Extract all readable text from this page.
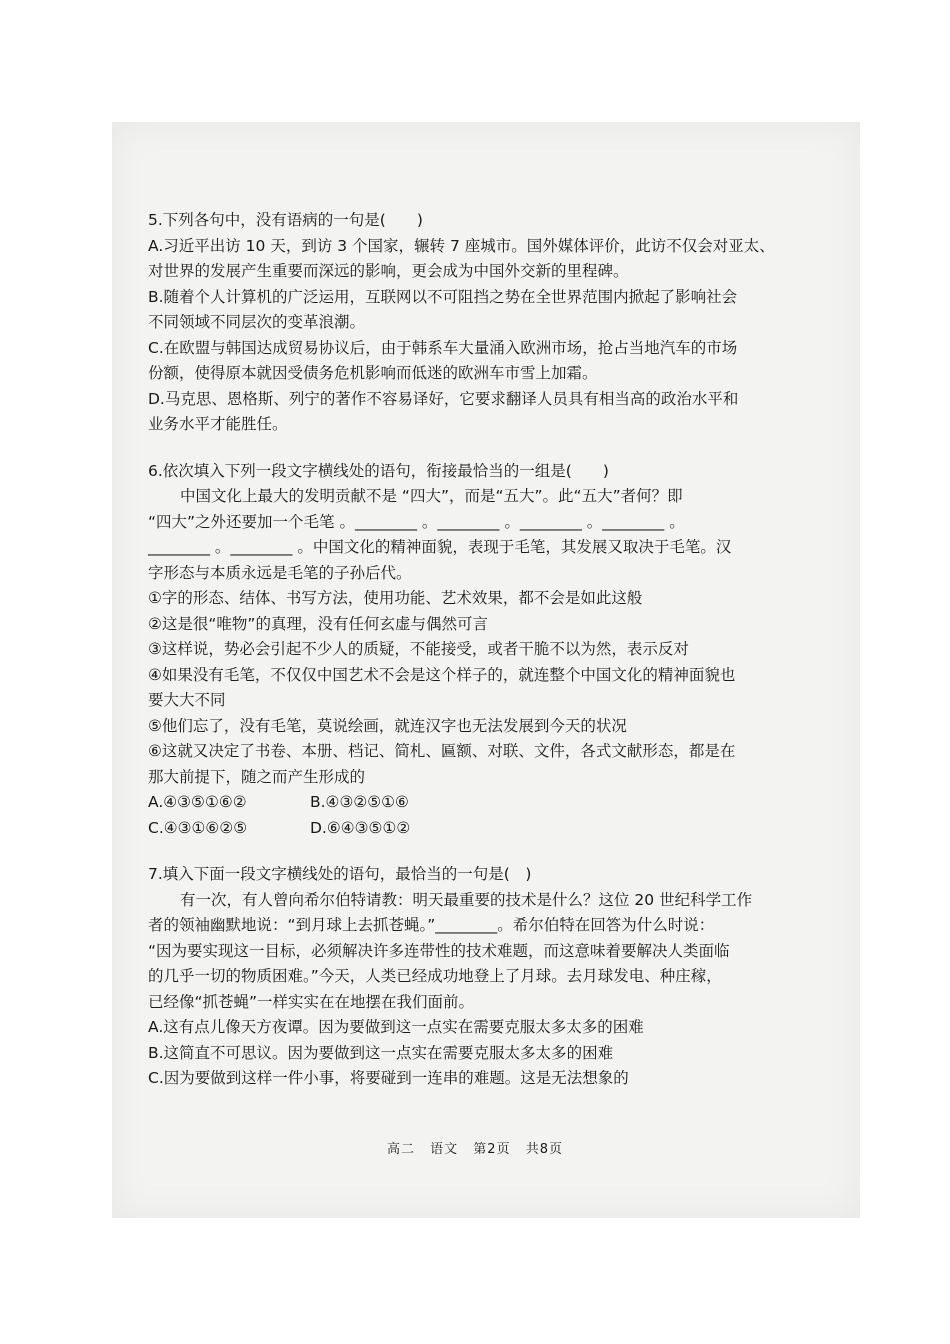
5.下列各句中，没有语病的一句是(　　)
A.习近平出访 10 天，到访 3 个国家，辗转 7 座城市。国外媒体评价，此访不仅会对亚太、
对世界的发展产生重要而深远的影响，更会成为中国外交新的里程碑。
B.随着个人计算机的广泛运用，互联网以不可阻挡之势在全世界范围内掀起了影响社会
不同领域不同层次的变革浪潮。
C.在欧盟与韩国达成贸易协议后，由于韩系车大量涌入欧洲市场，抢占当地汽车的市场
份额，使得原本就因受债务危机影响而低迷的欧洲车市雪上加霜。
D.马克思、恩格斯、列宁的著作不容易译好，它要求翻译人员具有相当高的政治水平和
业务水平才能胜任。
6.依次填入下列一段文字横线处的语句，衔接最恰当的一组是(　　)
中国文化上最大的发明贡献不是 “四大”，而是“五大”。此“五大”者何？即
“四大”之外还要加一个毛笔 。________ 。________ 。________ 。________ 。
________ 。________ 。中国文化的精神面貌，表现于毛笔，其发展又取决于毛笔。汉
字形态与本质永远是毛笔的子孙后代。
①字的形态、结体、书写方法，使用功能、艺术效果，都不会是如此这般
②这是很“唯物”的真理，没有任何玄虚与偶然可言
③这样说，势必会引起不少人的质疑，不能接受，或者干脆不以为然，表示反对
④如果没有毛笔，不仅仅中国艺术不会是这个样子的，就连整个中国文化的精神面貌也
要大大不同
⑤他们忘了，没有毛笔，莫说绘画，就连汉字也无法发展到今天的状况
⑥这就又决定了书卷、本册、档记、简札、匾额、对联、文件，各式文献形态，都是在
那大前提下，随之而产生形成的
A.④③⑤①⑥②	B.④③②⑤①⑥
C.④③①⑥②⑤	D.⑥④③⑤①②
7.填入下面一段文字横线处的语句，最恰当的一句是(　)
有一次，有人曾向希尔伯特请教：明天最重要的技术是什么？这位 20 世纪科学工作
者的领袖幽默地说：“到月球上去抓苍蝇。”________。希尔伯特在回答为什么时说：
“因为要实现这一目标，必须解决许多连带性的技术难题，而这意味着要解决人类面临
的几乎一切的物质困难。”今天，人类已经成功地登上了月球。去月球发电、种庄稼，
已经像“抓苍蝇”一样实实在在地摆在我们面前。
A.这有点儿像天方夜谭。因为要做到这一点实在需要克服太多太多的困难
B.这简直不可思议。因为要做到这一点实在需要克服太多太多的困难
C.因为要做到这样一件小事，将要碰到一连串的难题。这是无法想象的
高二 语文 第2页 共8页
